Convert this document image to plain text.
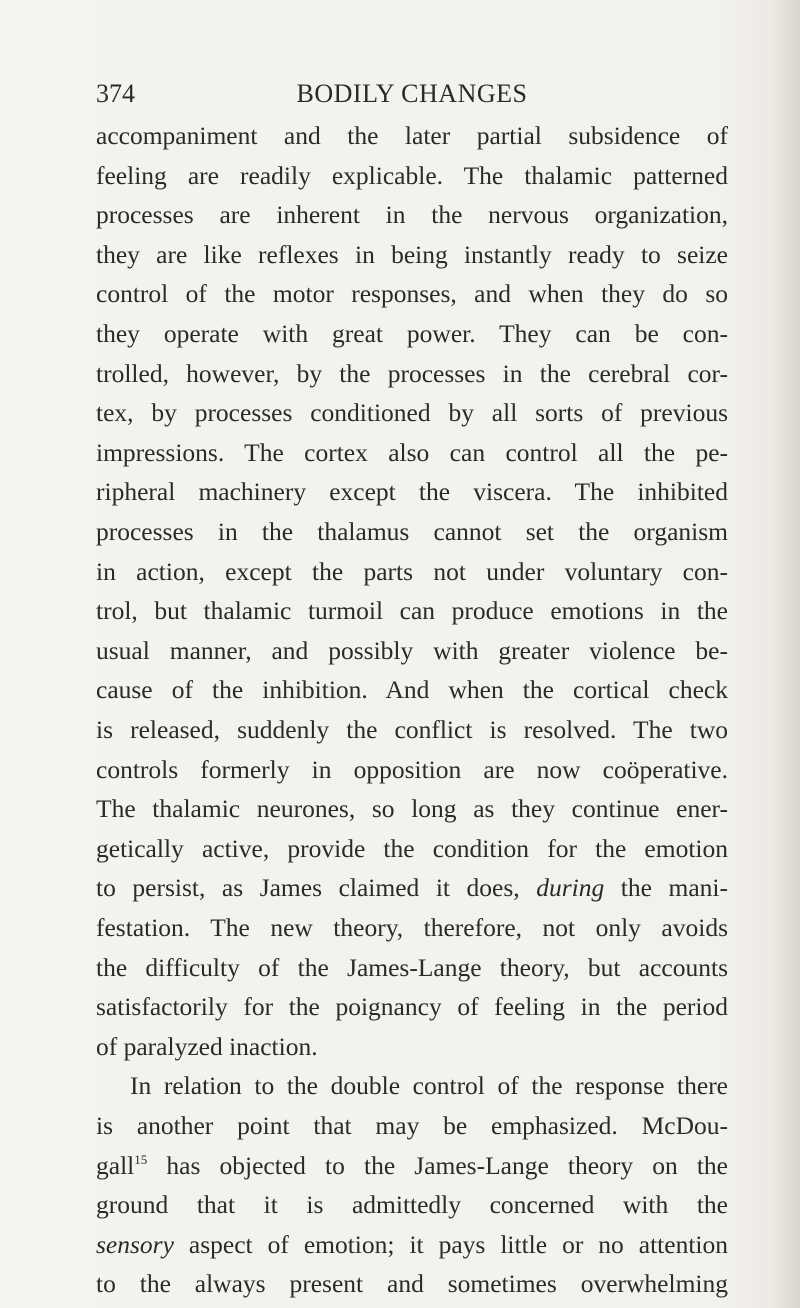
374	BODILY CHANGES
accompaniment and the later partial subsidence of
feeling are readily explicable. The thalamic patterned
processes are inherent in the nervous organization,
they are like reflexes in being instantly ready to seize
control of the motor responses, and when they do so
they operate with great power. They can be con-
trolled, however, by the processes in the cerebral cor-
tex, by processes conditioned by all sorts of previous
impressions. The cortex also can control all the pe-
ripheral machinery except the viscera. The inhibited
processes in the thalamus cannot set the organism
in action, except the parts not under voluntary con-
trol, but thalamic turmoil can produce emotions in the
usual manner, and possibly with greater violence be-
cause of the inhibition. And when the cortical check
is released, suddenly the conflict is resolved. The two
controls formerly in opposition are now coöperative.
The thalamic neurones, so long as they continue ener-
getically active, provide the condition for the emotion
to persist, as James claimed it does, during the mani-
festation. The new theory, therefore, not only avoids
the difficulty of the James-Lange theory, but accounts
satisfactorily for the poignancy of feeling in the period
of paralyzed inaction.
In relation to the double control of the response there
is another point that may be emphasized. McDou-
gall$^{15}$ has objected to the James-Lange theory on the
ground that it is admittedly concerned with the
sensory aspect of emotion; it pays little or no attention
to the always present and sometimes overwhelming
